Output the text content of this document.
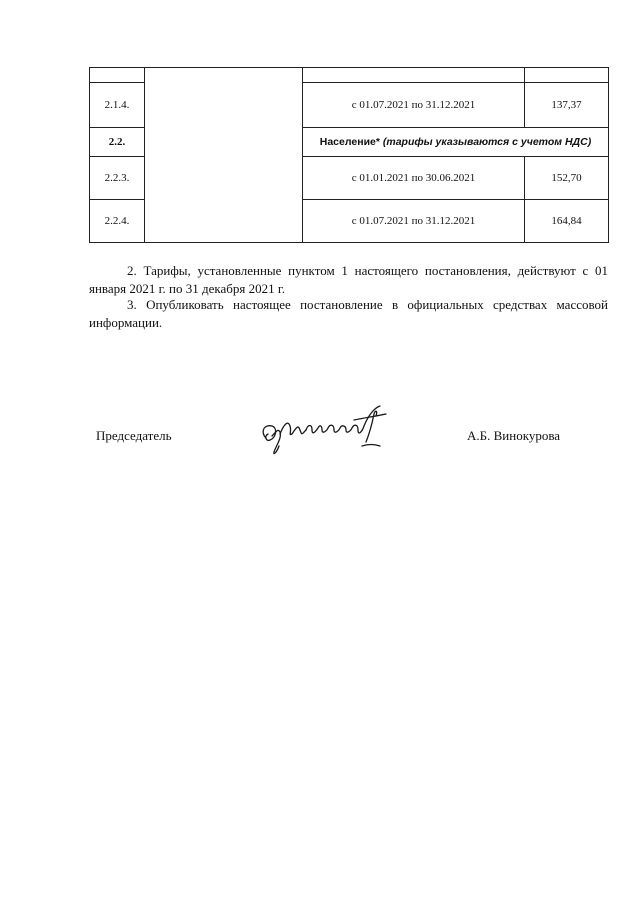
2.1.4.		с 01.07.2021 по 31.12.2021	137,37
2.2.		Население* (тарифы указываются с учетом НДС)	
2.2.3.		с 01.01.2021 по 30.06.2021	152,70
2.2.4.		с 01.07.2021 по 31.12.2021	164,84

2. Тарифы, установленные пунктом 1 настоящего постановления, действуют с 01 января 2021 г. по 31 декабря 2021 г.

3. Опубликовать настоящее постановление в официальных средствах массовой информации.

Председатель	А.Б. Винокурова
